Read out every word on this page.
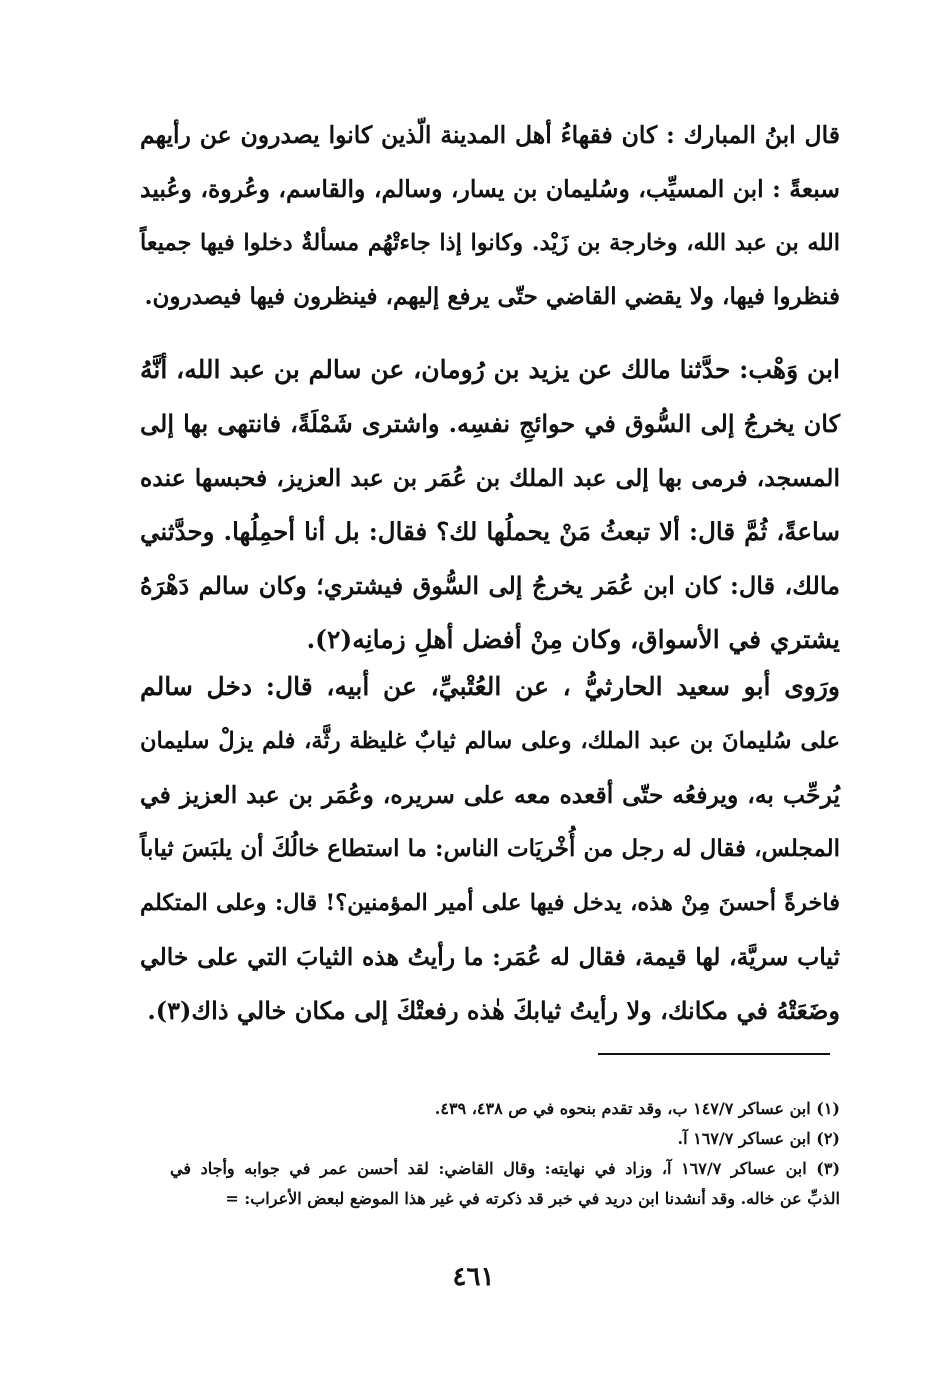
قال ابنُ المبارك : كان فقهاءُ أهل المدينة الّذين كانوا يصدرون عن رأيهم
سبعةً : ابن المسيِّب، وسُليمان بن يسار، وسالم، والقاسم، وعُروة، وعُبيد
الله بن عبد الله، وخارجة بن زَيْد. وكانوا إذا جاءتْهُم مسألةٌ دخلوا فيها جميعاً
فنظروا فيها، ولا يقضي القاضي حتّى يرفع إليهم، فينظرون فيها فيصدرون.
ابن وَهْب: حدَّثنا مالك عن يزيد بن رُومان، عن سالم بن عبد الله، أنَّهُ
كان يخرجُ إلى السُّوق في حوائجِ نفسِه. واشترى شَمْلَةً، فانتهى بها إلى
المسجد، فرمى بها إلى عبد الملك بن عُمَر بن عبد العزيز، فحبسها عنده
ساعةً، ثُمَّ قال: ألا تبعثُ مَنْ يحملُها لك؟ فقال: بل أنا أحمِلُها. وحدَّثني
مالك، قال: كان ابن عُمَر يخرجُ إلى السُّوق فيشتري؛ وكان سالم دَهْرَهُ
يشتري في الأسواق، وكان مِنْ أفضل أهلِ زمانِه(٢).
ورَوى أبو سعيد الحارثيُّ ، عن العُتْبيِّ، عن أبيه، قال: دخل سالم
على سُليمانَ بن عبد الملك، وعلى سالم ثيابٌ غليظة رثَّة، فلم يزلْ سليمان
يُرحِّب به، ويرفعُه حتّى أقعده معه على سريره، وعُمَر بن عبد العزيز في
المجلس، فقال له رجل من أُخْريَات الناس: ما استطاع خالُكَ أن يلبَسَ ثياباً
فاخرةً أحسنَ مِنْ هذه، يدخل فيها على أمير المؤمنين؟! قال: وعلى المتكلم
ثياب سريَّة، لها قيمة، فقال له عُمَر: ما رأيتُ هذه الثيابَ التي على خالي
وضَعَتْهُ في مكانك، ولا رأيتُ ثيابكَ هٰذه رفعتْكَ إلى مكان خالي ذاك(٣).
(١) ابن عساكر ١٤٧/٧ ب، وقد تقدم بنحوه في ص ٤٣٨، ٤٣٩.
(٢) ابن عساكر ١٦٧/٧ آ.
(٣) ابن عساكر ١٦٧/٧ آ، وزاد في نهايته: وقال القاضي: لقد أحسن عمر في جوابه وأجاد في
الذبِّ عن خاله. وقد أنشدنا ابن دريد في خبر قد ذكرته في غير هذا الموضع لبعض الأعراب: =
٤٦١
